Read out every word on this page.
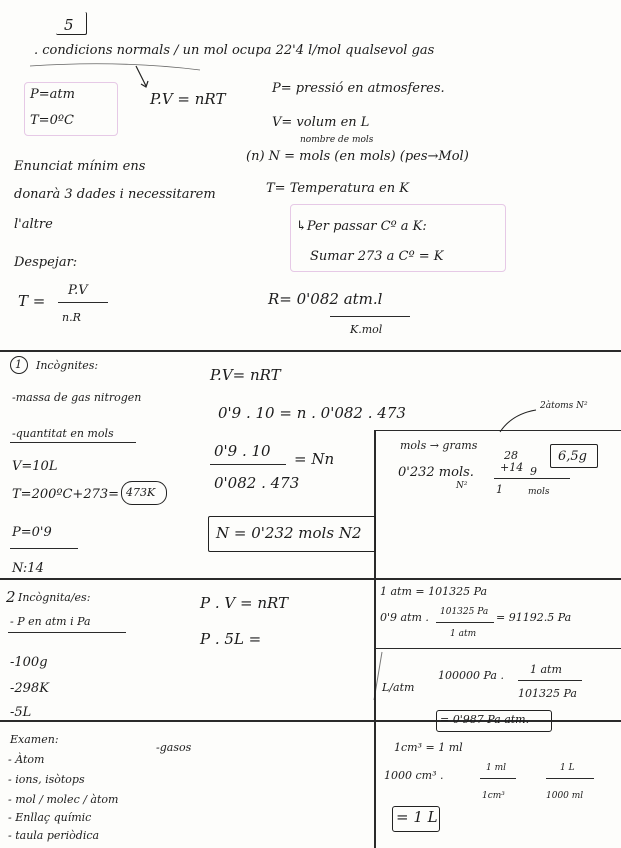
5
. condicions normals / un mol ocupa 22'4 l/mol qualsevol gas
P=atm
T=0ºC
P.V = nRT
P= pressió en atmosferes.
V= volum en L
nombre de mols
(n) N = mols (en mols) (pes→Mol)
T= Temperatura en K
↳Per passar Cº a K:
Sumar 273 a Cº = K
Enunciat mínim ens
donarà 3 dades i necessitarem
l'altre
Despejar:
T =
P.V
n.R
R= 0'082 atm.l
K.mol
1 Incògnites:
-massa de gas nitrogen
-quantitat en mols
V=10L
T=200ºC+273= 473K
P=0'9
N:14
P.V= nRT
0'9 . 10 = n . 0'082 . 473
0'9 . 10 = Nn
0'082 . 473
N = 0'232 mols N2
mols → grams
2àtoms N²
6,5g
0'232 mols.
N²
28
+14 9
1	mols
2 Incògnita/es:
- P en atm i Pa
-100g
-298K
-5L
P . V = nRT
P . 5L =
1 atm = 101325 Pa
0'9 atm . 101325 Pa
1 atm
= 91192.5 Pa
L/atm
100000 Pa . 1 atm
101325 Pa
= 0'987 Pa atm.
Examen:
-gasos
- Àtom
- ions, isòtops
- mol / molec / àtom
- Enllaç químic
- taula periòdica
1cm³ = 1 ml
1000 cm³ .
1 ml
1cm³
1 L
1000 ml
= 1 L
